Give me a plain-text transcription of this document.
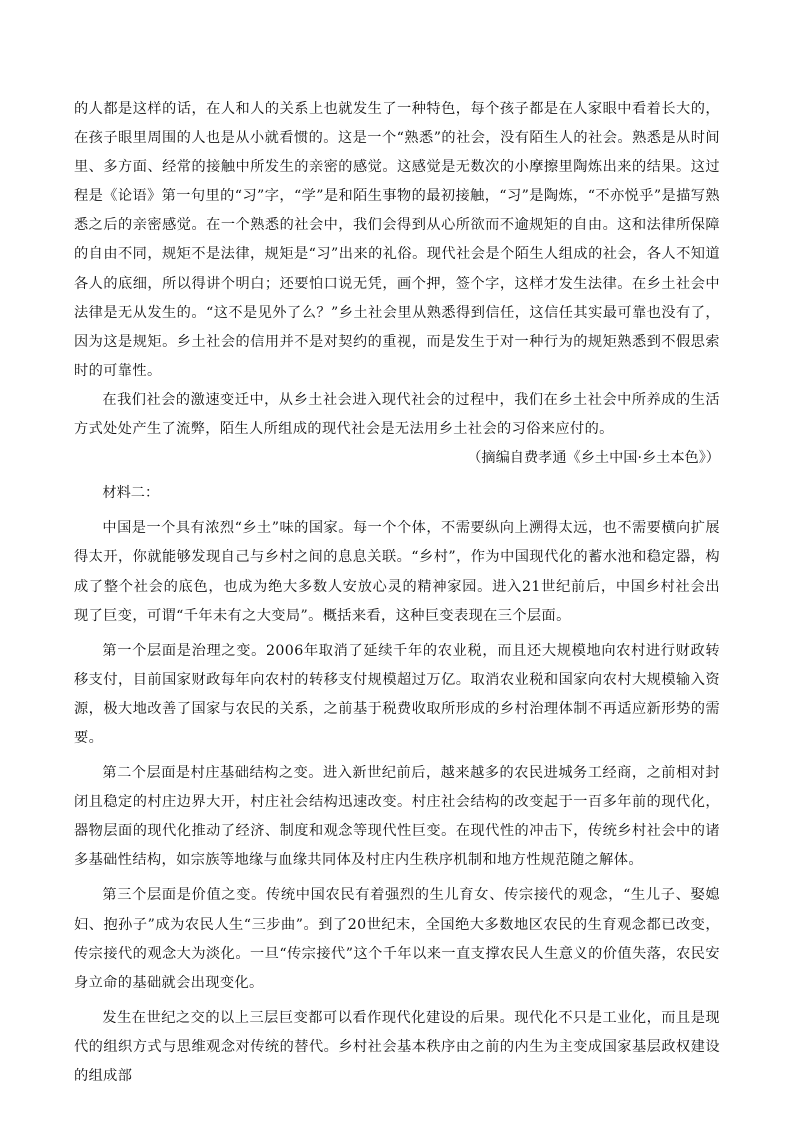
的人都是这样的话，在人和人的关系上也就发生了一种特色，每个孩子都是在人家眼中看着长大的，在孩子眼里周围的人也是从小就看惯的。这是一个“熟悉”的社会，没有陌生人的社会。熟悉是从时间里、多方面、经常的接触中所发生的亲密的感觉。这感觉是无数次的小摩擦里陶炼出来的结果。这过程是《论语》第一句里的“习”字，“学”是和陌生事物的最初接触，“习”是陶炼，“不亦悦乎”是描写熟悉之后的亲密感觉。在一个熟悉的社会中，我们会得到从心所欲而不逾规矩的自由。这和法律所保障的自由不同，规矩不是法律，规矩是“习”出来的礼俗。现代社会是个陌生人组成的社会，各人不知道各人的底细，所以得讲个明白；还要怕口说无凭，画个押，签个字，这样才发生法律。在乡土社会中法律是无从发生的。“这不是见外了么？”乡土社会里从熟悉得到信任，这信任其实最可靠也没有了，因为这是规矩。乡土社会的信用并不是对契约的重视，而是发生于对一种行为的规矩熟悉到不假思索时的可靠性。

在我们社会的激速变迁中，从乡土社会进入现代社会的过程中，我们在乡土社会中所养成的生活方式处处产生了流弊，陌生人所组成的现代社会是无法用乡土社会的习俗来应付的。

（摘编自费孝通《乡土中国·乡土本色》）

材料二：

中国是一个具有浓烈“乡土”味的国家。每一个个体，不需要纵向上溯得太远，也不需要横向扩展得太开，你就能够发现自己与乡村之间的息息关联。“乡村”，作为中国现代化的蓄水池和稳定器，构成了整个社会的底色，也成为绝大多数人安放心灵的精神家园。进入21世纪前后，中国乡村社会出现了巨变，可谓“千年未有之大变局”。概括来看，这种巨变表现在三个层面。

第一个层面是治理之变。2006年取消了延续千年的农业税，而且还大规模地向农村进行财政转移支付，目前国家财政每年向农村的转移支付规模超过万亿。取消农业税和国家向农村大规模输入资源，极大地改善了国家与农民的关系，之前基于税费收取所形成的乡村治理体制不再适应新形势的需要。

第二个层面是村庄基础结构之变。进入新世纪前后，越来越多的农民进城务工经商，之前相对封闭且稳定的村庄边界大开，村庄社会结构迅速改变。村庄社会结构的改变起于一百多年前的现代化，器物层面的现代化推动了经济、制度和观念等现代性巨变。在现代性的冲击下，传统乡村社会中的诸多基础性结构，如宗族等地缘与血缘共同体及村庄内生秩序机制和地方性规范随之解体。

第三个层面是价值之变。传统中国农民有着强烈的生儿育女、传宗接代的观念，“生儿子、娶媳妇、抱孙子”成为农民人生“三步曲”。到了20世纪末，全国绝大多数地区农民的生育观念都已改变，传宗接代的观念大为淡化。一旦“传宗接代”这个千年以来一直支撑农民人生意义的价值失落，农民安身立命的基础就会出现变化。

发生在世纪之交的以上三层巨变都可以看作现代化建设的后果。现代化不只是工业化，而且是现代的组织方式与思维观念对传统的替代。乡村社会基本秩序由之前的内生为主变成国家基层政权建设的组成部
